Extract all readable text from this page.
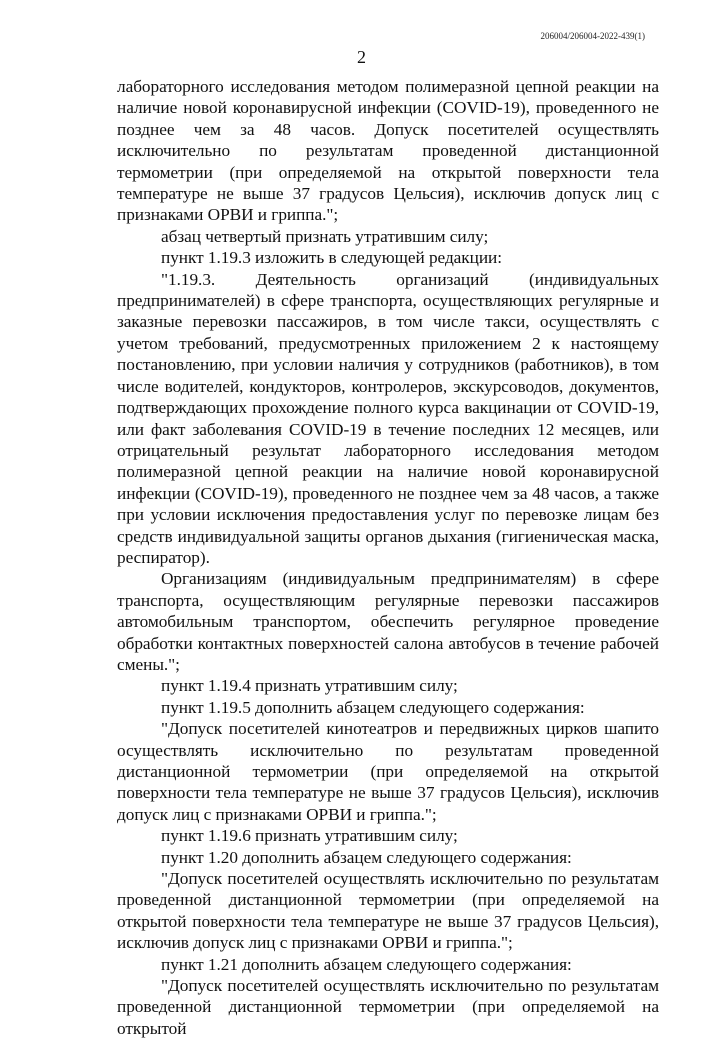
206004/206004-2022-439(1)
2

лабораторного исследования методом полимеразной цепной реакции на наличие новой коронавирусной инфекции (COVID-19), проведенного не позднее чем за 48 часов. Допуск посетителей осуществлять исключительно по результатам проведенной дистанционной термометрии (при определяемой на открытой поверхности тела температуре не выше 37 градусов Цельсия), исключив допуск лиц с признаками ОРВИ и гриппа.";

абзац четвертый признать утратившим силу;

пункт 1.19.3 изложить в следующей редакции:

"1.19.3. Деятельность организаций (индивидуальных предпринимателей) в сфере транспорта, осуществляющих регулярные и заказные перевозки пассажиров, в том числе такси, осуществлять с учетом требований, предусмотренных приложением 2 к настоящему постановлению, при условии наличия у сотрудников (работников), в том числе водителей, кондукторов, контролеров, экскурсоводов, документов, подтверждающих прохождение полного курса вакцинации от COVID-19, или факт заболевания COVID-19 в течение последних 12 месяцев, или отрицательный результат лабораторного исследования методом полимеразной цепной реакции на наличие новой коронавирусной инфекции (COVID-19), проведенного не позднее чем за 48 часов, а также при условии исключения предоставления услуг по перевозке лицам без средств индивидуальной защиты органов дыхания (гигиеническая маска, респиратор).

Организациям (индивидуальным предпринимателям) в сфере транспорта, осуществляющим регулярные перевозки пассажиров автомобильным транспортом, обеспечить регулярное проведение обработки контактных поверхностей салона автобусов в течение рабочей смены.";

пункт 1.19.4 признать утратившим силу;

пункт 1.19.5 дополнить абзацем следующего содержания:

"Допуск посетителей кинотеатров и передвижных цирков шапито осуществлять исключительно по результатам проведенной дистанционной термометрии (при определяемой на открытой поверхности тела температуре не выше 37 градусов Цельсия), исключив допуск лиц с признаками ОРВИ и гриппа.";

пункт 1.19.6 признать утратившим силу;

пункт 1.20 дополнить абзацем следующего содержания:

"Допуск посетителей осуществлять исключительно по результатам проведенной дистанционной термометрии (при определяемой на открытой поверхности тела температуре не выше 37 градусов Цельсия), исключив допуск лиц с признаками ОРВИ и гриппа.";

пункт 1.21 дополнить абзацем следующего содержания:

"Допуск посетителей осуществлять исключительно по результатам проведенной дистанционной термометрии (при определяемой на открытой
